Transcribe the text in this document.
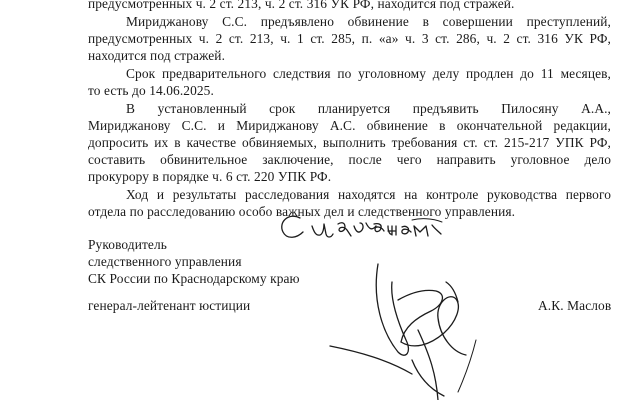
предусмотренных ч. 2 ст. 213, ч. 2 ст. 316 УК РФ, находится под стражей.
Мириджанову С.С. предъявлено обвинение в совершении преступлений,
предусмотренных ч. 2 ст. 213, ч. 1 ст. 285, п. «а» ч. 3 ст. 286, ч. 2 ст. 316 УК РФ,
находится под стражей.
Срок предварительного следствия по уголовному делу продлен до 11 месяцев,
то есть до 14.06.2025.
В установленный срок планируется предъявить Пилосяну А.А.,
Мириджанову С.С. и Мириджанову А.С. обвинение в окончательной редакции,
допросить их в качестве обвиняемых, выполнить требования ст. ст. 215-217 УПК РФ,
составить обвинительное заключение, после чего направить уголовное дело
прокурору в порядке ч. 6 ст. 220 УПК РФ.
Ход и результаты расследования находятся на контроле руководства первого
отдела по расследованию особо важных дел и следственного управления.
Руководитель
следственного управления
СК России по Краснодарскому краю
генерал-лейтенант юстиции	А.К. Маслов
